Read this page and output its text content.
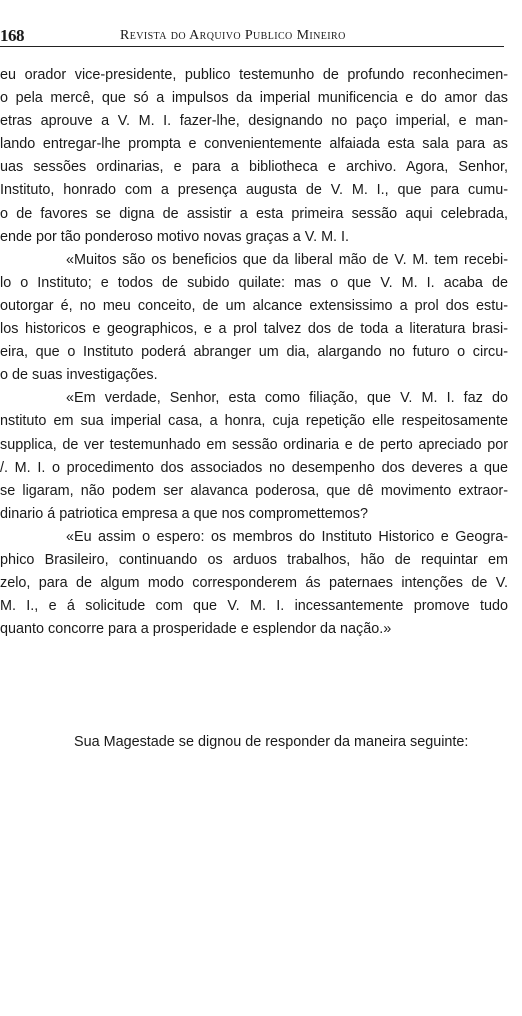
168	Revista do Arquivo Publico Mineiro
eu orador vice-presidente, publico testemunho de profundo reconhecimen-
o pela mercê, que só a impulsos da imperial munificencia e do amor das
etras aprouve a V. M. I. fazer-lhe, designando no paço imperial, e man-
lando entregar-lhe prompta e convenientemente alfaiada esta sala para as
uas sessões ordinarias, e para a bibliotheca e archivo. Agora, Senhor,
Instituto, honrado com a presença augusta de V. M. I., que para cumu-
o de favores se digna de assistir a esta primeira sessão aqui celebrada,
ende por tão ponderoso motivo novas graças a V. M. I.
«Muitos são os beneficios que da liberal mão de V. M. tem recebi-
lo o Instituto; e todos de subido quilate: mas o que V. M. I. acaba de
outorgar é, no meu conceito, de um alcance extensissimo a prol dos estu-
los historicos e geographicos, e a prol talvez dos de toda a literatura brasi-
eira, que o Instituto poderá abranger um dia, alargando no futuro o circu-
o de suas investigações.
«Em verdade, Senhor, esta como filiação, que V. M. I. faz do
nstituto em sua imperial casa, a honra, cuja repetição elle respeitosamente
supplica, de ver testemunhado em sessão ordinaria e de perto apreciado por
/. M. I. o procedimento dos associados no desempenho dos deveres a que
se ligaram, não podem ser alavanca poderosa, que dê movimento extraor-
dinario á patriotica empresa a que nos compromettemos?
«Eu assim o espero: os membros do Instituto Historico e Geogra-
phico Brasileiro, continuando os arduos trabalhos, hão de requintar em
zelo, para de algum modo corresponderem ás paternaes intenções de V.
M. I., e á solicitude com que V. M. I. incessantemente promove tudo
quanto concorre para a prosperidade e esplendor da nação.»
Sua Magestade se dignou de responder da maneira seguinte:
